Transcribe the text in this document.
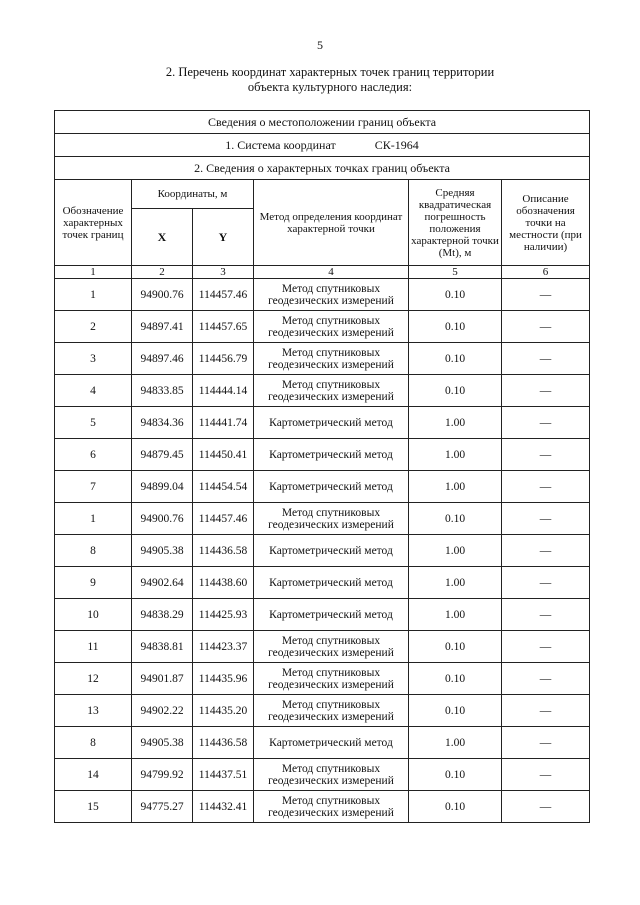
5
2. Перечень координат характерных точек границ территории
объекта культурного наследия:
Сведения о местоположении границ объекта					
1. Система координат СК-1964					
2. Сведения о характерных точках границ объекта					
Обозначение характерных точек границ	Координаты, м		Метод определения координат характерной точки	Средняя квадратическая погрешность положения характерной точки (Mt), м	Описание обозначения точки на местности (при наличии)
	X	Y			
1	2	3	4	5	6
1	94900.76	114457.46	Метод спутниковых геодезических измерений	0.10	—
2	94897.41	114457.65	Метод спутниковых геодезических измерений	0.10	—
3	94897.46	114456.79	Метод спутниковых геодезических измерений	0.10	—
4	94833.85	114444.14	Метод спутниковых геодезических измерений	0.10	—
5	94834.36	114441.74	Картометрический метод	1.00	—
6	94879.45	114450.41	Картометрический метод	1.00	—
7	94899.04	114454.54	Картометрический метод	1.00	—
1	94900.76	114457.46	Метод спутниковых геодезических измерений	0.10	—
8	94905.38	114436.58	Картометрический метод	1.00	—
9	94902.64	114438.60	Картометрический метод	1.00	—
10	94838.29	114425.93	Картометрический метод	1.00	—
11	94838.81	114423.37	Метод спутниковых геодезических измерений	0.10	—
12	94901.87	114435.96	Метод спутниковых геодезических измерений	0.10	—
13	94902.22	114435.20	Метод спутниковых геодезических измерений	0.10	—
8	94905.38	114436.58	Картометрический метод	1.00	—
14	94799.92	114437.51	Метод спутниковых геодезических измерений	0.10	—
15	94775.27	114432.41	Метод спутниковых геодезических измерений	0.10	—
